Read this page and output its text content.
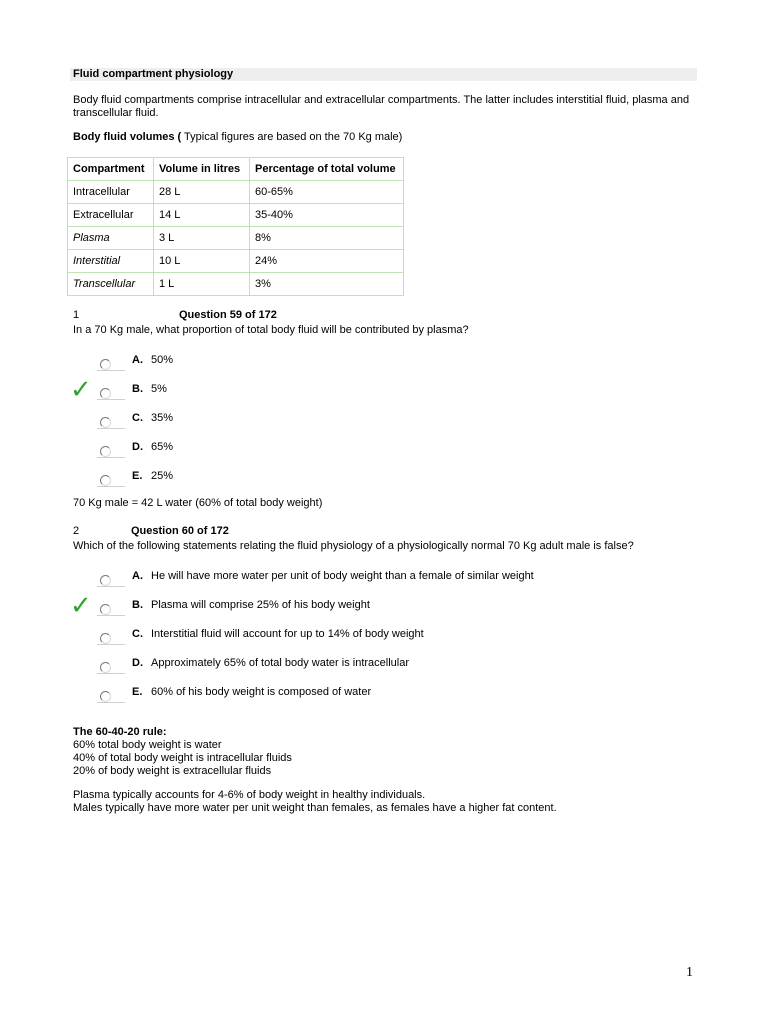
Fluid compartment physiology
Body fluid compartments comprise intracellular and extracellular compartments. The latter includes interstitial fluid, plasma and transcellular fluid.
Body fluid volumes ( Typical figures are based on the 70 Kg male)
Compartment	Volume in litres	Percentage of total volume
Intracellular	28 L	60-65%
Extracellular	14 L	35-40%
Plasma	3 L	8%
Interstitial	10 L	24%
Transcellular	1 L	3%
1	Question 59 of 172
In a 70 Kg male, what proportion of total body fluid will be contributed by plasma?
A. 50%
✓	B. 5%
C. 35%
D. 65%
E. 25%
70 Kg male = 42 L water (60% of total body weight)
2	Question 60 of 172
Which of the following statements relating the fluid physiology of a physiologically normal 70 Kg adult male is false?
A. He will have more water per unit of body weight than a female of similar weight
✓	B. Plasma will comprise 25% of his body weight
C. Interstitial fluid will account for up to 14% of body weight
D. Approximately 65% of total body water is intracellular
E. 60% of his body weight is composed of water
The 60-40-20 rule:
60% total body weight is water
40% of total body weight is intracellular fluids
20% of body weight is extracellular fluids
Plasma typically accounts for 4-6% of body weight in healthy individuals.
Males typically have more water per unit weight than females, as females have a higher fat content.
1
